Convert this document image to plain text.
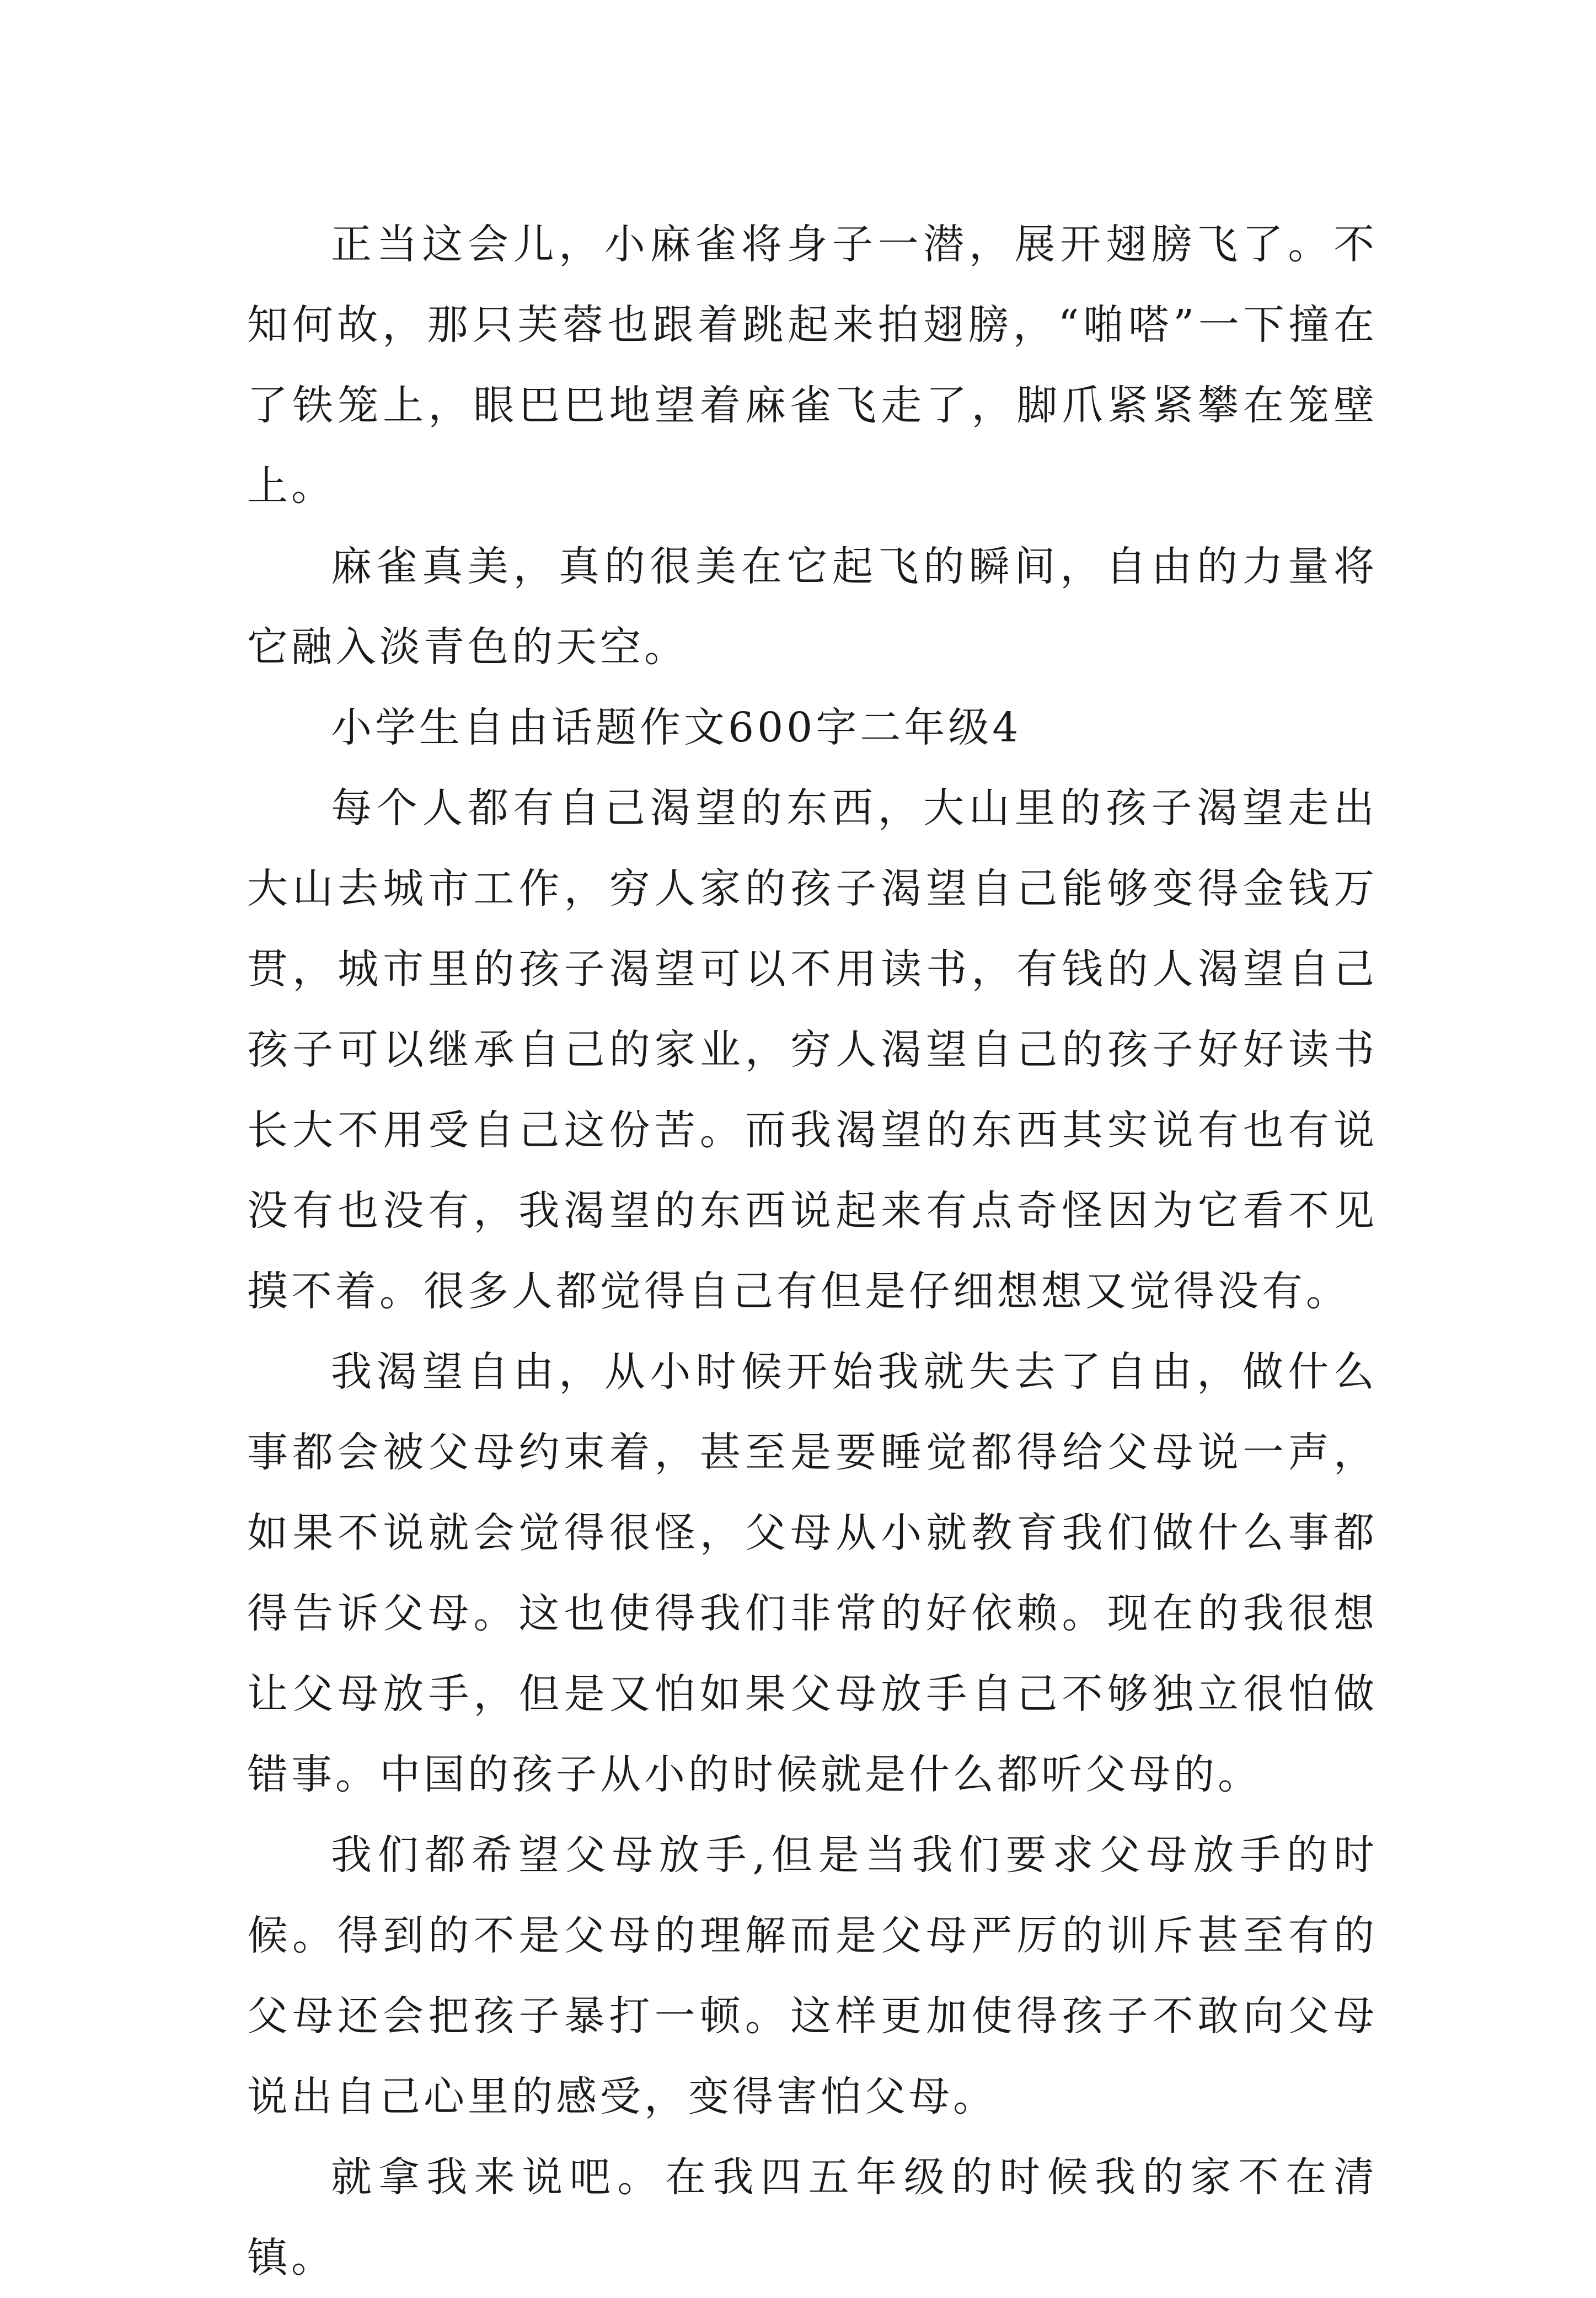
正当这会儿，小麻雀将身子一潜，展开翅膀飞了。不知何故，那只芙蓉也跟着跳起来拍翅膀，“啪嗒”一下撞在了铁笼上，眼巴巴地望着麻雀飞走了，脚爪紧紧攀在笼壁上。

麻雀真美，真的很美在它起飞的瞬间，自由的力量将它融入淡青色的天空。

小学生自由话题作文600字二年级4

每个人都有自己渴望的东西，大山里的孩子渴望走出大山去城市工作，穷人家的孩子渴望自己能够变得金钱万贯，城市里的孩子渴望可以不用读书，有钱的人渴望自己孩子可以继承自己的家业，穷人渴望自己的孩子好好读书长大不用受自己这份苦。而我渴望的东西其实说有也有说没有也没有，我渴望的东西说起来有点奇怪因为它看不见摸不着。很多人都觉得自己有但是仔细想想又觉得没有。

我渴望自由，从小时候开始我就失去了自由，做什么事都会被父母约束着，甚至是要睡觉都得给父母说一声，如果不说就会觉得很怪，父母从小就教育我们做什么事都得告诉父母。这也使得我们非常的好依赖。现在的我很想让父母放手，但是又怕如果父母放手自己不够独立很怕做错事。中国的孩子从小的时候就是什么都听父母的。

我们都希望父母放手,但是当我们要求父母放手的时候。得到的不是父母的理解而是父母严厉的训斥甚至有的父母还会把孩子暴打一顿。这样更加使得孩子不敢向父母说出自己心里的感受，变得害怕父母。

就拿我来说吧。在我四五年级的时候我的家不在清镇。
